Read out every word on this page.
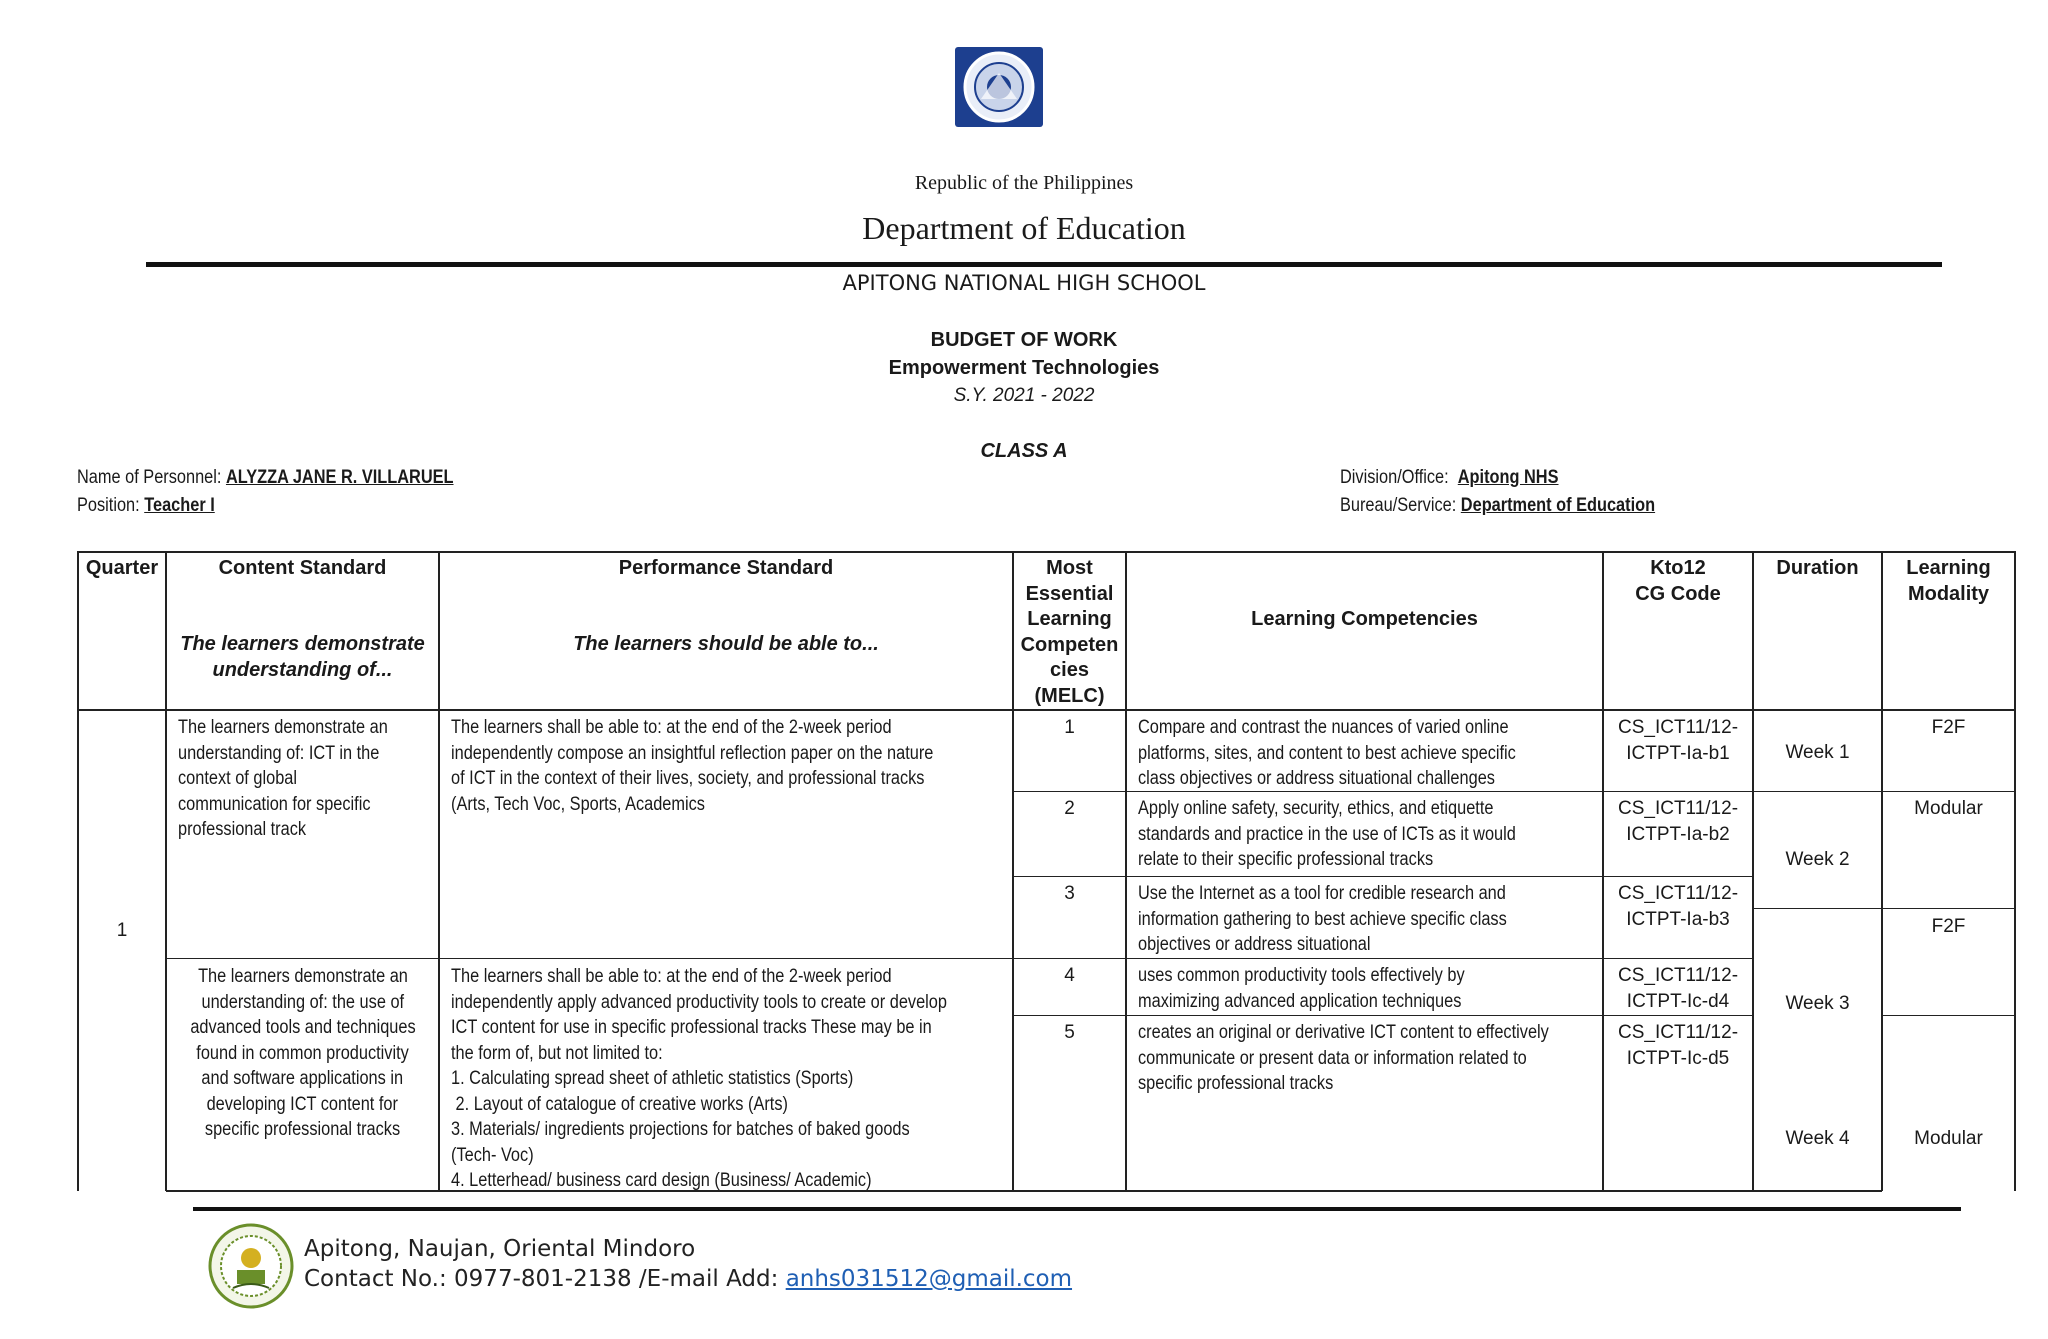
Republic of the Philippines
Department of Education
APITONG NATIONAL HIGH SCHOOL
BUDGET OF WORK
Empowerment Technologies
S.Y. 2021 - 2022
CLASS A
Name of Personnel: ALYZZA JANE R. VILLARUEL
Position: Teacher I
Division/Office: Apitong NHS
Bureau/Service: Department of Education
Quarter	Content Standard
The learners demonstrate
understanding of...
Performance Standard
The learners should be able to...
Most
Essential
Learning
Competen
cies
(MELC)
Learning Competencies
Kto12
CG Code
Duration	Learning
Modality
1
The learners demonstrate an
understanding of: ICT in the
context of global
communication for specific
professional track
The learners demonstrate an
understanding of: the use of
advanced tools and techniques
found in common productivity
and software applications in
developing ICT content for
specific professional tracks
The learners shall be able to: at the end of the 2-week period
independently compose an insightful reflection paper on the nature
of ICT in the context of their lives, society, and professional tracks
(Arts, Tech Voc, Sports, Academics
The learners shall be able to: at the end of the 2-week period
independently apply advanced productivity tools to create or develop
ICT content for use in specific professional tracks These may be in
the form of, but not limited to:
1. Calculating spread sheet of athletic statistics (Sports)
2. Layout of catalogue of creative works (Arts)
3. Materials/ ingredients projections for batches of baked goods
(Tech- Voc)
4. Letterhead/ business card design (Business/ Academic)
1
2
3
4
5
Compare and contrast the nuances of varied online
platforms, sites, and content to best achieve specific
class objectives or address situational challenges
Apply online safety, security, ethics, and etiquette
standards and practice in the use of ICTs as it would
relate to their specific professional tracks
Use the Internet as a tool for credible research and
information gathering to best achieve specific class
objectives or address situational
uses common productivity tools effectively by
maximizing advanced application techniques
creates an original or derivative ICT content to effectively
communicate or present data or information related to
specific professional tracks
CS_ICT11/12-
ICTPT-Ia-b1
CS_ICT11/12-
ICTPT-Ia-b2
CS_ICT11/12-
ICTPT-Ia-b3
CS_ICT11/12-
ICTPT-Ic-d4
CS_ICT11/12-
ICTPT-Ic-d5
Week 1
Week 2
Week 3
Week 4
F2F
Modular
F2F
Modular
Apitong, Naujan, Oriental Mindoro
Contact No.: 0977-801-2138 /E-mail Add: anhs031512@gmail.com
